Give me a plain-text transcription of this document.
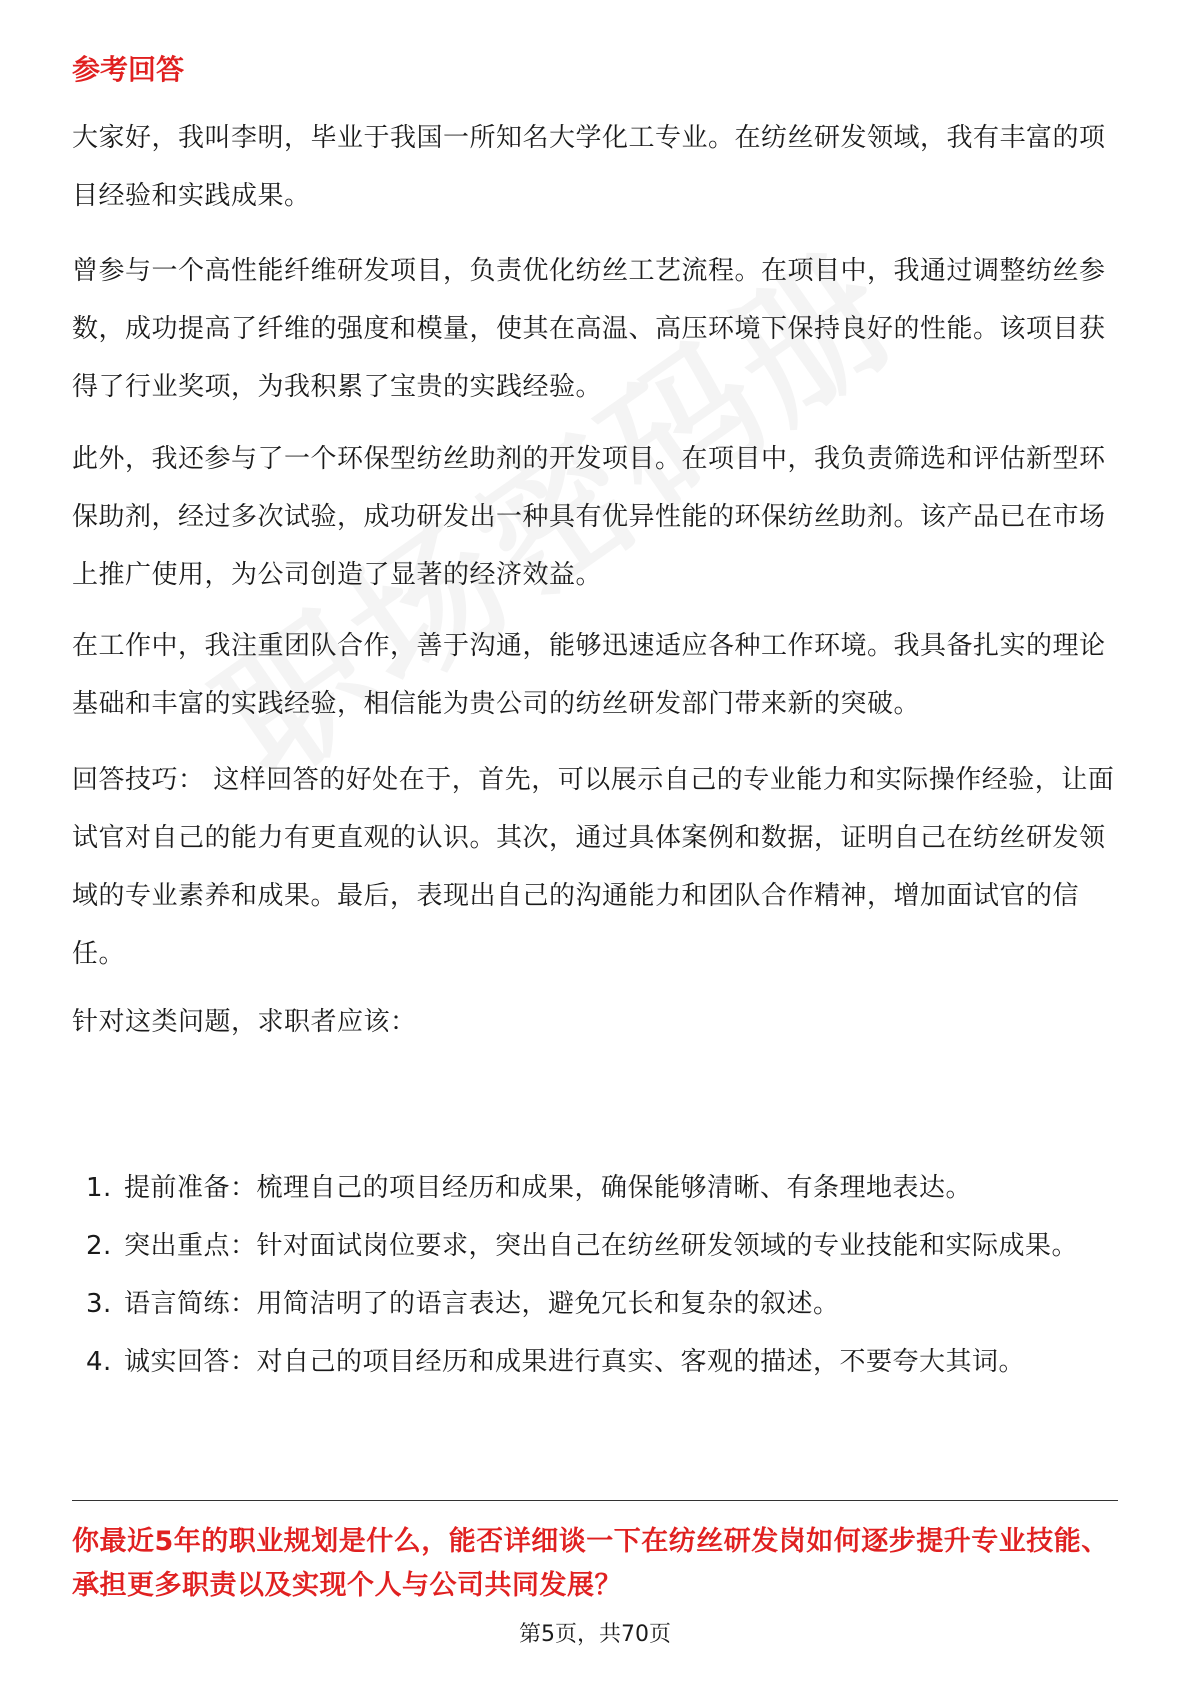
参考回答

大家好，我叫李明，毕业于我国一所知名大学化工专业。在纺丝研发领域，我有丰富的项目经验和实践成果。

曾参与一个高性能纤维研发项目，负责优化纺丝工艺流程。在项目中，我通过调整纺丝参数，成功提高了纤维的强度和模量，使其在高温、高压环境下保持良好的性能。该项目获得了行业奖项，为我积累了宝贵的实践经验。

此外，我还参与了一个环保型纺丝助剂的开发项目。在项目中，我负责筛选和评估新型环保助剂，经过多次试验，成功研发出一种具有优异性能的环保纺丝助剂。该产品已在市场上推广使用，为公司创造了显著的经济效益。

在工作中，我注重团队合作，善于沟通，能够迅速适应各种工作环境。我具备扎实的理论基础和丰富的实践经验，相信能为贵公司的纺丝研发部门带来新的突破。

回答技巧： 这样回答的好处在于，首先，可以展示自己的专业能力和实际操作经验，让面试官对自己的能力有更直观的认识。其次，通过具体案例和数据，证明自己在纺丝研发领域的专业素养和成果。最后，表现出自己的沟通能力和团队合作精神，增加面试官的信任。

针对这类问题，求职者应该：

1. 提前准备：梳理自己的项目经历和成果，确保能够清晰、有条理地表达。
2. 突出重点：针对面试岗位要求，突出自己在纺丝研发领域的专业技能和实际成果。
3. 语言简练：用简洁明了的语言表达，避免冗长和复杂的叙述。
4. 诚实回答：对自己的项目经历和成果进行真实、客观的描述，不要夸大其词。
你最近5年的职业规划是什么，能否详细谈一下在纺丝研发岗如何逐步提升专业技能、承担更多职责以及实现个人与公司共同发展？
第5页，共70页
